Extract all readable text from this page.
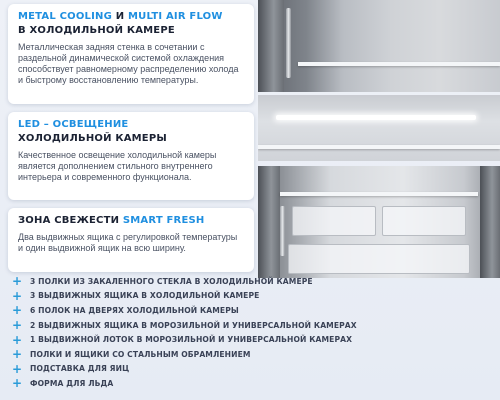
METAL COOLING И MULTI AIR FLOW
В ХОЛОДИЛЬНОЙ КАМЕРЕ
Металлическая задняя стенка в сочетании с раздельной динамической системой охлаждения способствует равномерному распределению холода и быстрому восстановлению температуры.
LED – ОСВЕЩЕНИЕ
ХОЛОДИЛЬНОЙ КАМЕРЫ
Качественное освещение холодильной камеры является дополнением стильного внутреннего интерьера и современного функционала.
ЗОНА СВЕЖЕСТИ SMART FRESH
Два выдвижных ящика с регулировкой температуры и один выдвижной ящик на всю ширину.
+	3 ПОЛКИ ИЗ ЗАКАЛЕННОГО СТЕКЛА В ХОЛОДИЛЬНОЙ КАМЕРЕ
+	3 ВЫДВИЖНЫХ ЯЩИКА В ХОЛОДИЛЬНОЙ КАМЕРЕ
+	6 ПОЛОК НА ДВЕРЯХ ХОЛОДИЛЬНОЙ КАМЕРЫ
+	2 ВЫДВИЖНЫХ ЯЩИКА В МОРОЗИЛЬНОЙ И УНИВЕРСАЛЬНОЙ КАМЕРАХ
+	1 ВЫДВИЖНОЙ ЛОТОК В МОРОЗИЛЬНОЙ И УНИВЕРСАЛЬНОЙ КАМЕРАХ
+	ПОЛКИ И ЯЩИКИ СО СТАЛЬНЫМ ОБРАМЛЕНИЕМ
+	ПОДСТАВКА ДЛЯ ЯИЦ
+	ФОРМА ДЛЯ ЛЬДА
